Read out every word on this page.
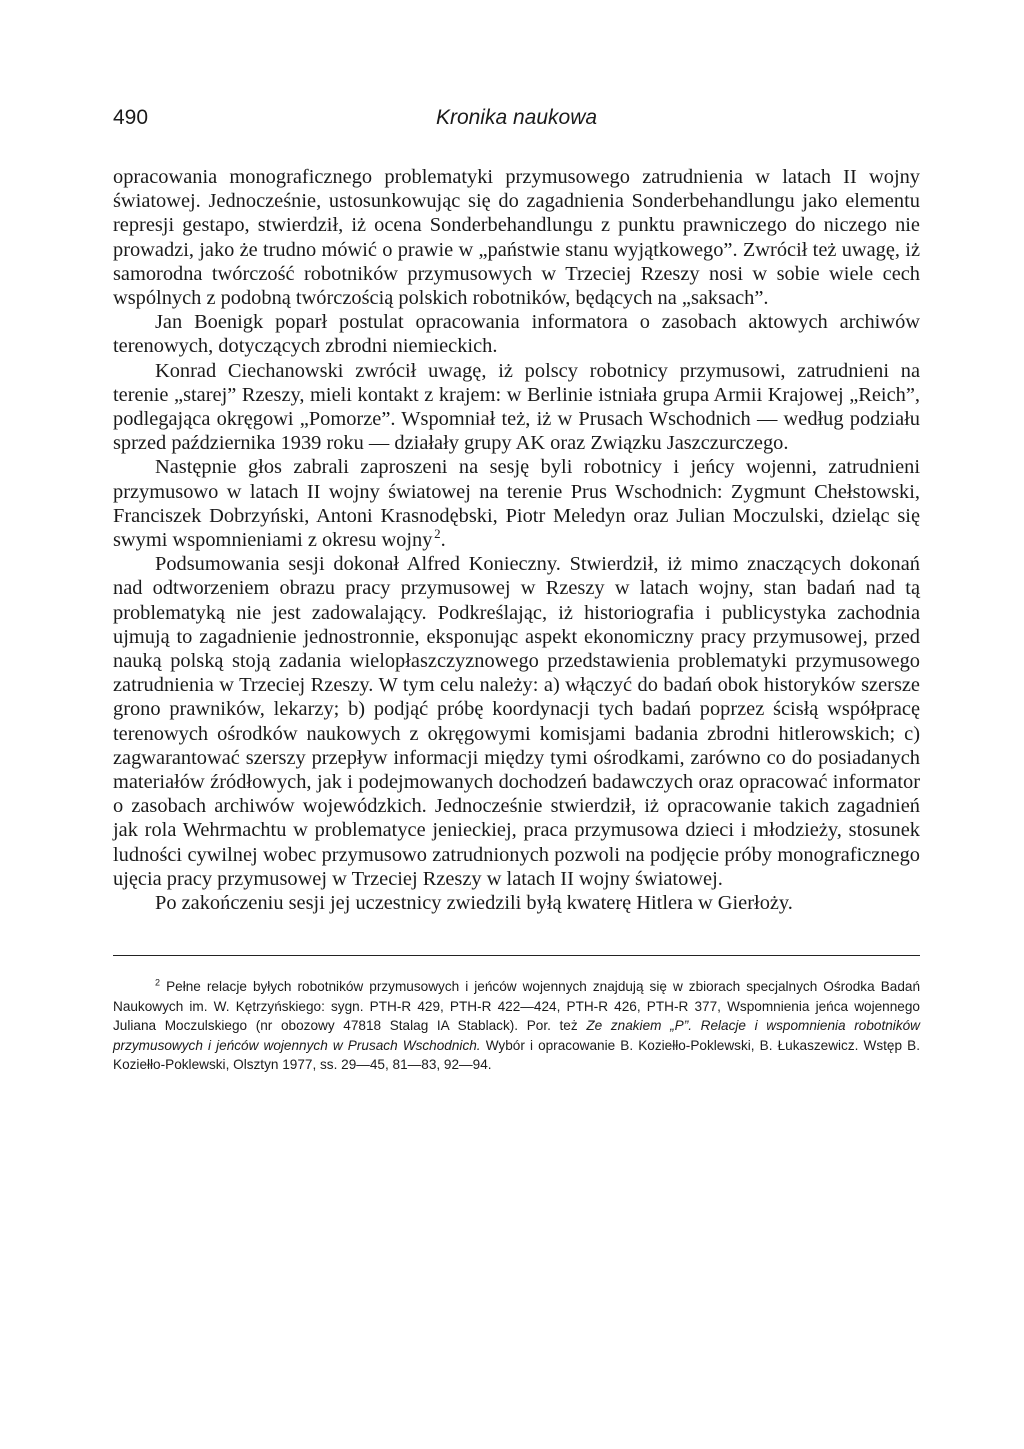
490	Kronika naukowa

opracowania monograficznego problematyki przymusowego zatrudnienia w latach II wojny światowej. Jednocześnie, ustosunkowując się do zagadnienia Sonderbehandlungu jako elementu represji gestapo, stwierdził, iż ocena Sonderbehandlungu z punktu prawniczego do niczego nie prowadzi, jako że trudno mówić o prawie w „państwie stanu wyjątkowego”. Zwrócił też uwagę, iż samorodna twórczość robotników przymusowych w Trzeciej Rzeszy nosi w sobie wiele cech wspólnych z podobną twórczością polskich robotników, będących na „saksach”.

Jan Boenigk poparł postulat opracowania informatora o zasobach aktowych archiwów terenowych, dotyczących zbrodni niemieckich.

Konrad Ciechanowski zwrócił uwagę, iż polscy robotnicy przymusowi, zatrudnieni na terenie „starej” Rzeszy, mieli kontakt z krajem: w Berlinie istniała grupa Armii Krajowej „Reich”, podlegająca okręgowi „Pomorze”. Wspomniał też, iż w Prusach Wschodnich — według podziału sprzed października 1939 roku — działały grupy AK oraz Związku Jaszczurczego.

Następnie głos zabrali zaproszeni na sesję byli robotnicy i jeńcy wojenni, zatrudnieni przymusowo w latach II wojny światowej na terenie Prus Wschodnich: Zygmunt Chełstowski, Franciszek Dobrzyński, Antoni Krasnodębski, Piotr Meledyn oraz Julian Moczulski, dzieląc się swymi wspomnieniami z okresu wojny  $^2$.

Podsumowania sesji dokonał Alfred Konieczny. Stwierdził, iż mimo znaczących dokonań nad odtworzeniem obrazu pracy przymusowej w Rzeszy w latach wojny, stan badań nad tą problematyką nie jest zadowalający. Podkreślając, iż historiografia i publicystyka zachodnia ujmują to zagadnienie jednostronnie, eksponując aspekt ekonomiczny pracy przymusowej, przed nauką polską stoją zadania wielopłaszczyznowego przedstawienia problematyki przymusowego zatrudnienia w Trzeciej Rzeszy. W tym celu należy: a) włączyć do badań obok historyków szersze grono prawników, lekarzy; b) podjąć próbę koordynacji tych badań poprzez ścisłą współpracę terenowych ośrodków naukowych z okręgowymi komisjami badania zbrodni hitlerowskich; c) zagwarantować szerszy przepływ informacji między tymi ośrodkami, zarówno co do posiadanych materiałów źródłowych, jak i podejmowanych dochodzeń badawczych oraz opracować informator o zasobach archiwów wojewódzkich. Jednocześnie stwierdził, iż opracowanie takich zagadnień jak rola Wehrmachtu w problematyce jenieckiej, praca przymusowa dzieci i młodzieży, stosunek ludności cywilnej wobec przymusowo zatrudnionych pozwoli na podjęcie próby monograficznego ujęcia pracy przymusowej w Trzeciej Rzeszy w latach II wojny światowej.

Po zakończeniu sesji jej uczestnicy zwiedzili byłą kwaterę Hitlera w Gierłoży.

$^2$ Pełne relacje byłych robotników przymusowych i jeńców wojennych znajdują się w zbiorach specjalnych Ośrodka Badań Naukowych im. W. Kętrzyńskiego: sygn. PTH-R 429, PTH-R 422—424, PTH-R 426, PTH-R 377, Wspomnienia jeńca wojennego Juliana Moczulskiego (nr obozowy 47818 Stalag IA Stablack). Por. też Ze znakiem „P”. Relacje i wspomnienia robotników przymusowych i jeńców wojennych w Prusach Wschodnich. Wybór i opracowanie B. Koziełło-Poklewski, B. Łukaszewicz. Wstęp B. Koziełło-Poklewski, Olsztyn 1977, ss. 29—45, 81—83, 92—94.
